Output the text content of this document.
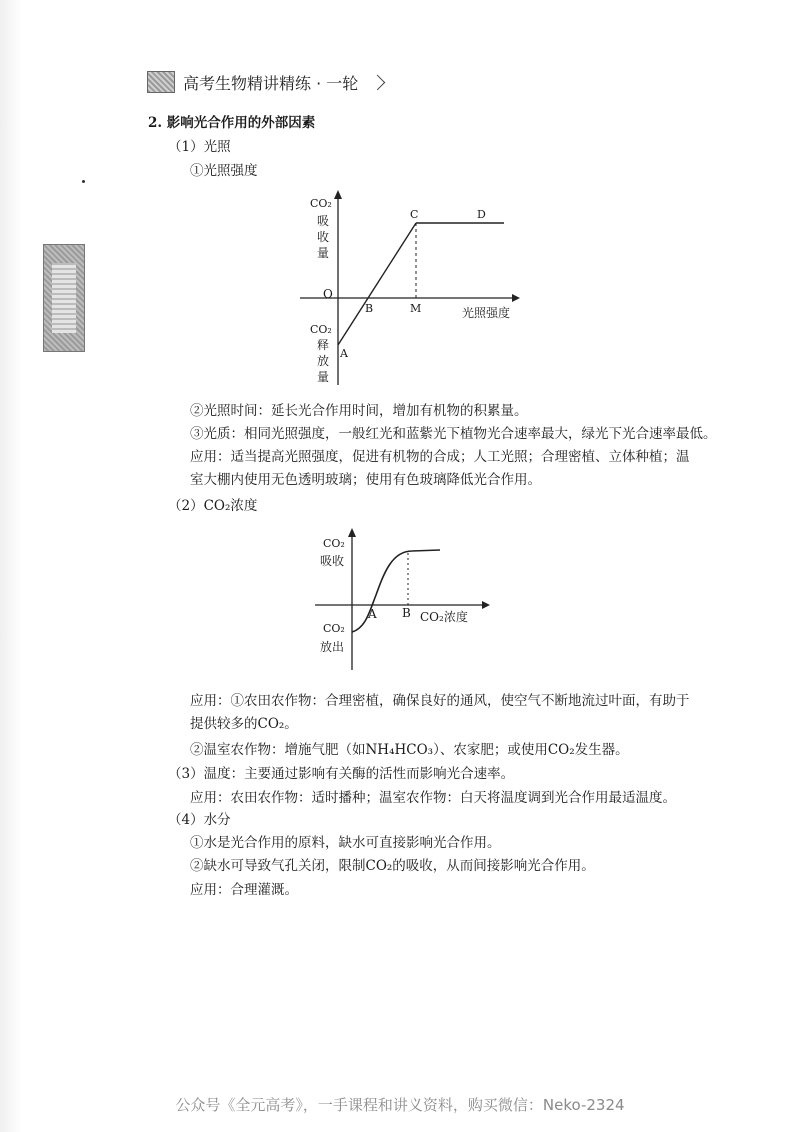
高考生物精讲精练 · 一轮
2. 影响光合作用的外部因素
（1）光照
①光照强度
CO₂
吸
收
量
O
CO₂
释
放
量
A
B
C	D
M	光照强度
②光照时间：延长光合作用时间，增加有机物的积累量。
③光质：相同光照强度，一般红光和蓝紫光下植物光合速率最大，绿光下光合速率最低。
应用：适当提高光照强度，促进有机物的合成；人工光照；合理密植、立体种植；温
室大棚内使用无色透明玻璃；使用有色玻璃降低光合作用。
（2）CO₂浓度
CO₂
吸收
CO₂
放出
A B CO₂浓度
应用：①农田农作物：合理密植，确保良好的通风，使空气不断地流过叶面，有助于
提供较多的CO₂。
②温室农作物：增施气肥（如NH₄HCO₃）、农家肥；或使用CO₂发生器。
（3）温度：主要通过影响有关酶的活性而影响光合速率。
应用：农田农作物：适时播种；温室农作物：白天将温度调到光合作用最适温度。
（4）水分
①水是光合作用的原料，缺水可直接影响光合作用。
②缺水可导致气孔关闭，限制CO₂的吸收，从而间接影响光合作用。
应用：合理灌溉。
公众号《全元高考》，一手课程和讲义资料，购买微信：Neko-2324
